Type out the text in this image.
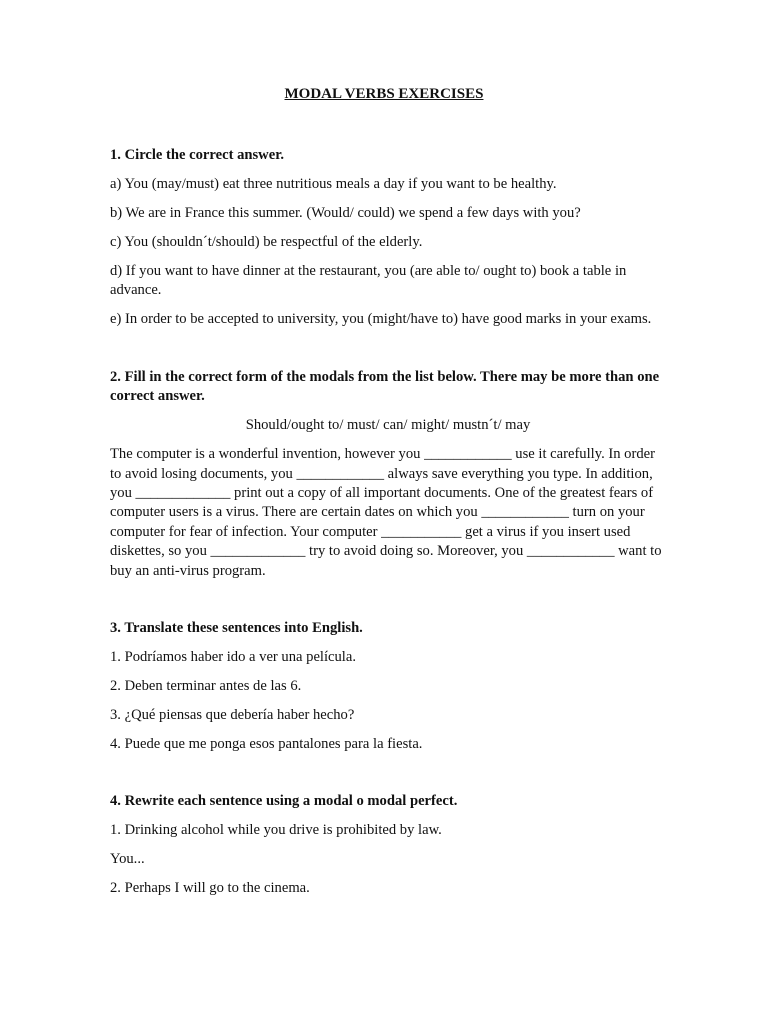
MODAL VERBS EXERCISES

1. Circle the correct answer.

a) You (may/must) eat three nutritious meals a day if you want to be healthy.

b) We are in France this summer. (Would/ could) we spend a few days with you?

c) You (shouldn´t/should) be respectful of the elderly.

d) If you want to have dinner at the restaurant, you (are able to/ ought to) book a table in advance.

e) In order to be accepted to university, you (might/have to) have good marks in your exams.

2. Fill in the correct form of the modals from the list below. There may be more than one correct answer.

Should/ought to/ must/ can/ might/ mustn´t/ may

The computer is a wonderful invention, however you ____________ use it carefully. In order to avoid losing documents, you ____________ always save everything you type. In addition, you _____________ print out a copy of all important documents. One of the greatest fears of computer users is a virus. There are certain dates on which you ____________ turn on your computer for fear of infection. Your computer ___________ get a virus if you insert used diskettes, so you _____________ try to avoid doing so. Moreover, you ____________ want to buy an anti-virus program.

3. Translate these sentences into English.

1. Podríamos haber ido a ver una película.

2. Deben terminar antes de las 6.

3. ¿Qué piensas que debería haber hecho?

4. Puede que me ponga esos pantalones para la fiesta.

4. Rewrite each sentence using a modal o modal perfect.

1. Drinking alcohol while you drive is prohibited by law.

You...

2. Perhaps I will go to the cinema.
